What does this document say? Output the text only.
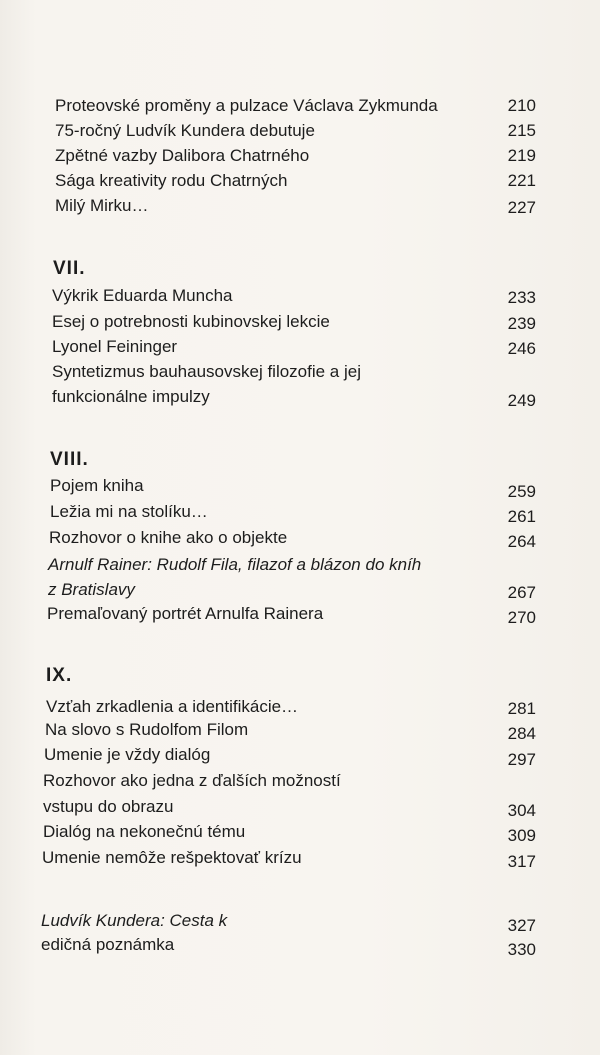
Proteovské proměny a pulzace Václava Zykmunda	210
75-ročný Ludvík Kundera debutuje	215
Zpětné vazby Dalibora Chatrného	219
Sága kreativity rodu Chatrných	221
Milý Mirku…	227
VII.
Výkrik Eduarda Muncha	233
Esej o potrebnosti kubinovskej lekcie	239
Lyonel Feininger	246
Syntetizmus bauhausovskej filozofie a jej
funkcionálne impulzy	249
VIII.
Pojem kniha	259
Ležia mi na stolíku…	261
Rozhovor o knihe ako o objekte	264
Arnulf Rainer: Rudolf Fila, filazof a blázon do kníh
z Bratislavy	267
Premaľovaný portrét Arnulfa Rainera	270
IX.
Vzťah zrkadlenia a identifikácie…	281
Na slovo s Rudolfom Filom	284
Umenie je vždy dialóg	297
Rozhovor ako jedna z ďalších možností
vstupu do obrazu	304
Dialóg na nekonečnú tému	309
Umenie nemôže rešpektovať krízu	317
Ludvík Kundera: Cesta k	327
edičná poznámka	330
